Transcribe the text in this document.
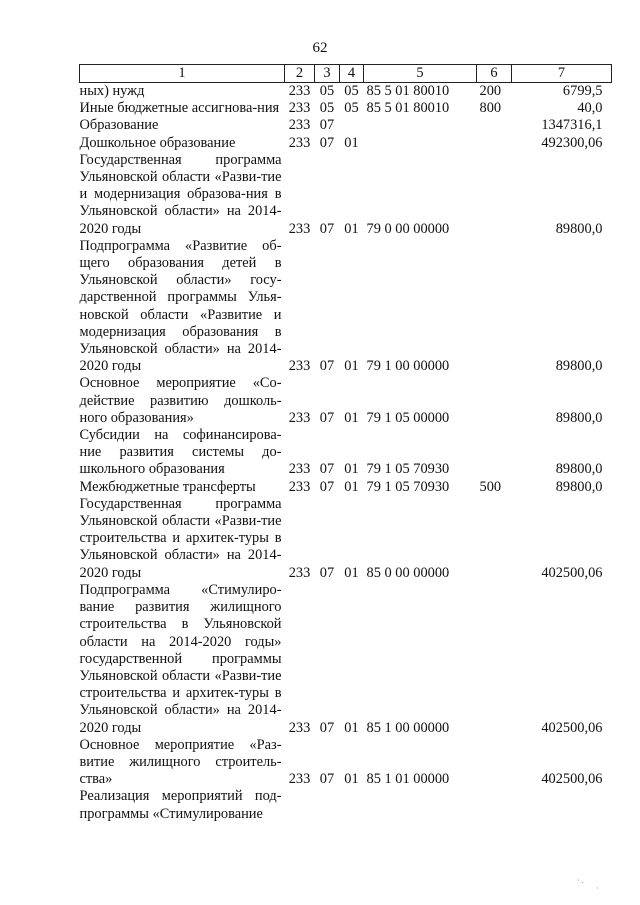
62
1	2	3	4	5	6	7
ных) нужд	233	05	05	85 5 01 80010	200	6799,5
Иные бюджетные ассигнова-ния	233	05	05	85 5 01 80010	800	40,0
Образование	233	07				1347316,1
Дошкольное образование	233	07	01			492300,06
Государственная программа Ульяновской области «Разви-тие и модернизация образова-ния в Ульяновской области» на 2014-2020 годы	233	07	01	79 0 00 00000		89800,0
Подпрограмма «Развитие об-щего образования детей в Ульяновской области» госу-дарственной программы Улья-новской области «Развитие и модернизация образования в Ульяновской области» на 2014-2020 годы	233	07	01	79 1 00 00000		89800,0
Основное мероприятие «Со-действие развитию дошколь-ного образования»	233	07	01	79 1 05 00000		89800,0
Субсидии на софинансирова-ние развития системы до-школьного образования	233	07	01	79 1 05 70930		89800,0
Межбюджетные трансферты	233	07	01	79 1 05 70930	500	89800,0
Государственная программа Ульяновской области «Разви-тие строительства и архитек-туры в Ульяновской области» на 2014-2020 годы	233	07	01	85 0 00 00000		402500,06
Подпрограмма «Стимулиро-вание развития жилищного строительства в Ульяновской области на 2014-2020 годы» государственной программы Ульяновской области «Разви-тие строительства и архитек-туры в Ульяновской области» на 2014-2020 годы	233	07	01	85 1 00 00000		402500,06
Основное мероприятие «Раз-витие жилищного строитель-ства»	233	07	01	85 1 01 00000		402500,06
Реализация мероприятий под-программы «Стимулирование						
· .
·
